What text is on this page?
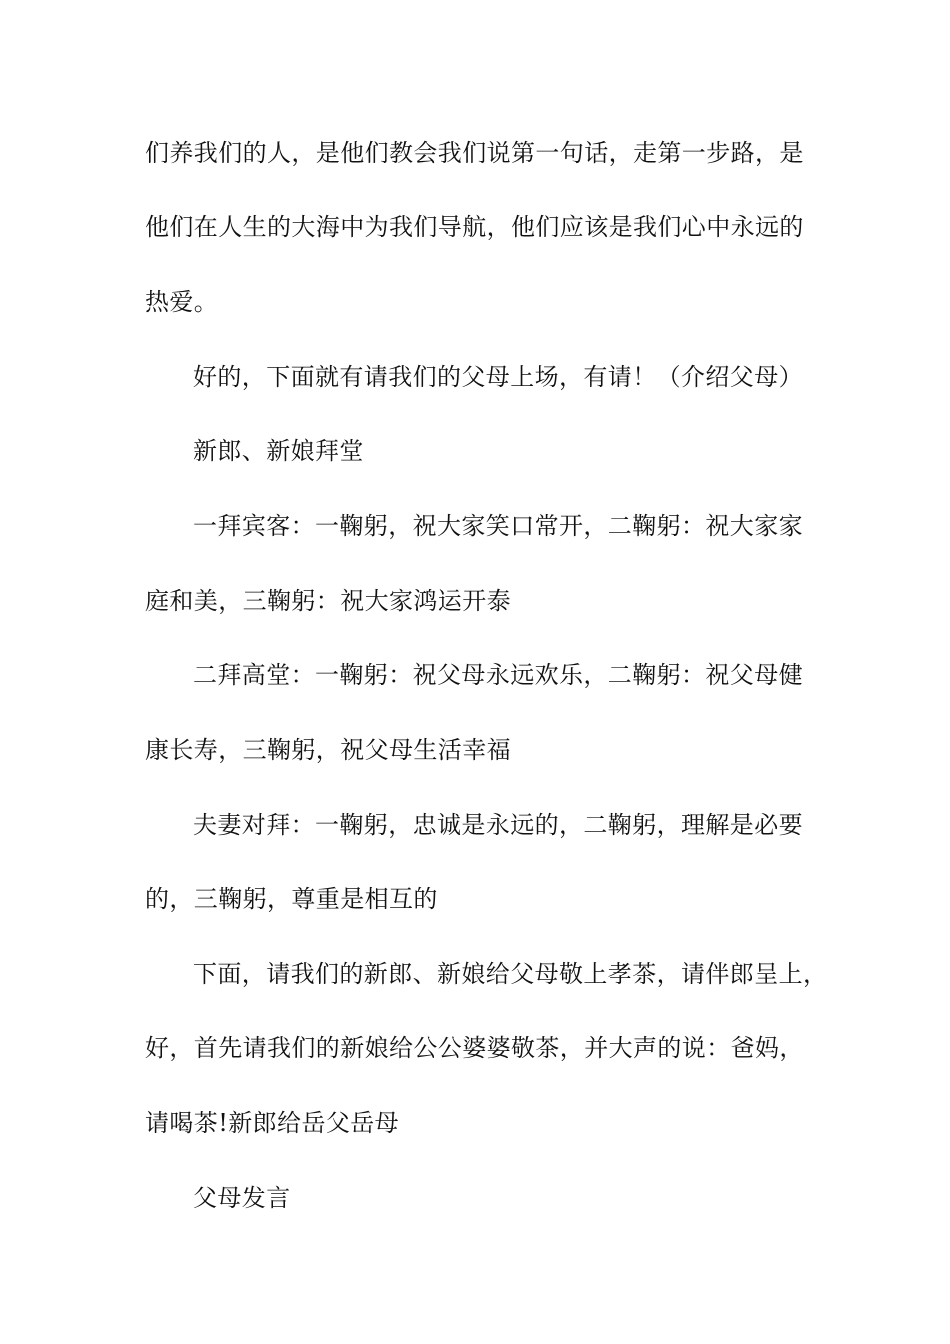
们养我们的人，是他们教会我们说第一句话，走第一步路，是
他们在人生的大海中为我们导航，他们应该是我们心中永远的
热爱。
好的，下面就有请我们的父母上场，有请！（介绍父母）
新郎、新娘拜堂
一拜宾客：一鞠躬，祝大家笑口常开，二鞠躬：祝大家家
庭和美，三鞠躬：祝大家鸿运开泰
二拜高堂：一鞠躬：祝父母永远欢乐，二鞠躬：祝父母健
康长寿，三鞠躬，祝父母生活幸福
夫妻对拜：一鞠躬，忠诚是永远的，二鞠躬，理解是必要
的，三鞠躬，尊重是相互的
下面，请我们的新郎、新娘给父母敬上孝茶，请伴郎呈上，
好，首先请我们的新娘给公公婆婆敬茶，并大声的说：爸妈，
请喝茶!新郎给岳父岳母
父母发言
